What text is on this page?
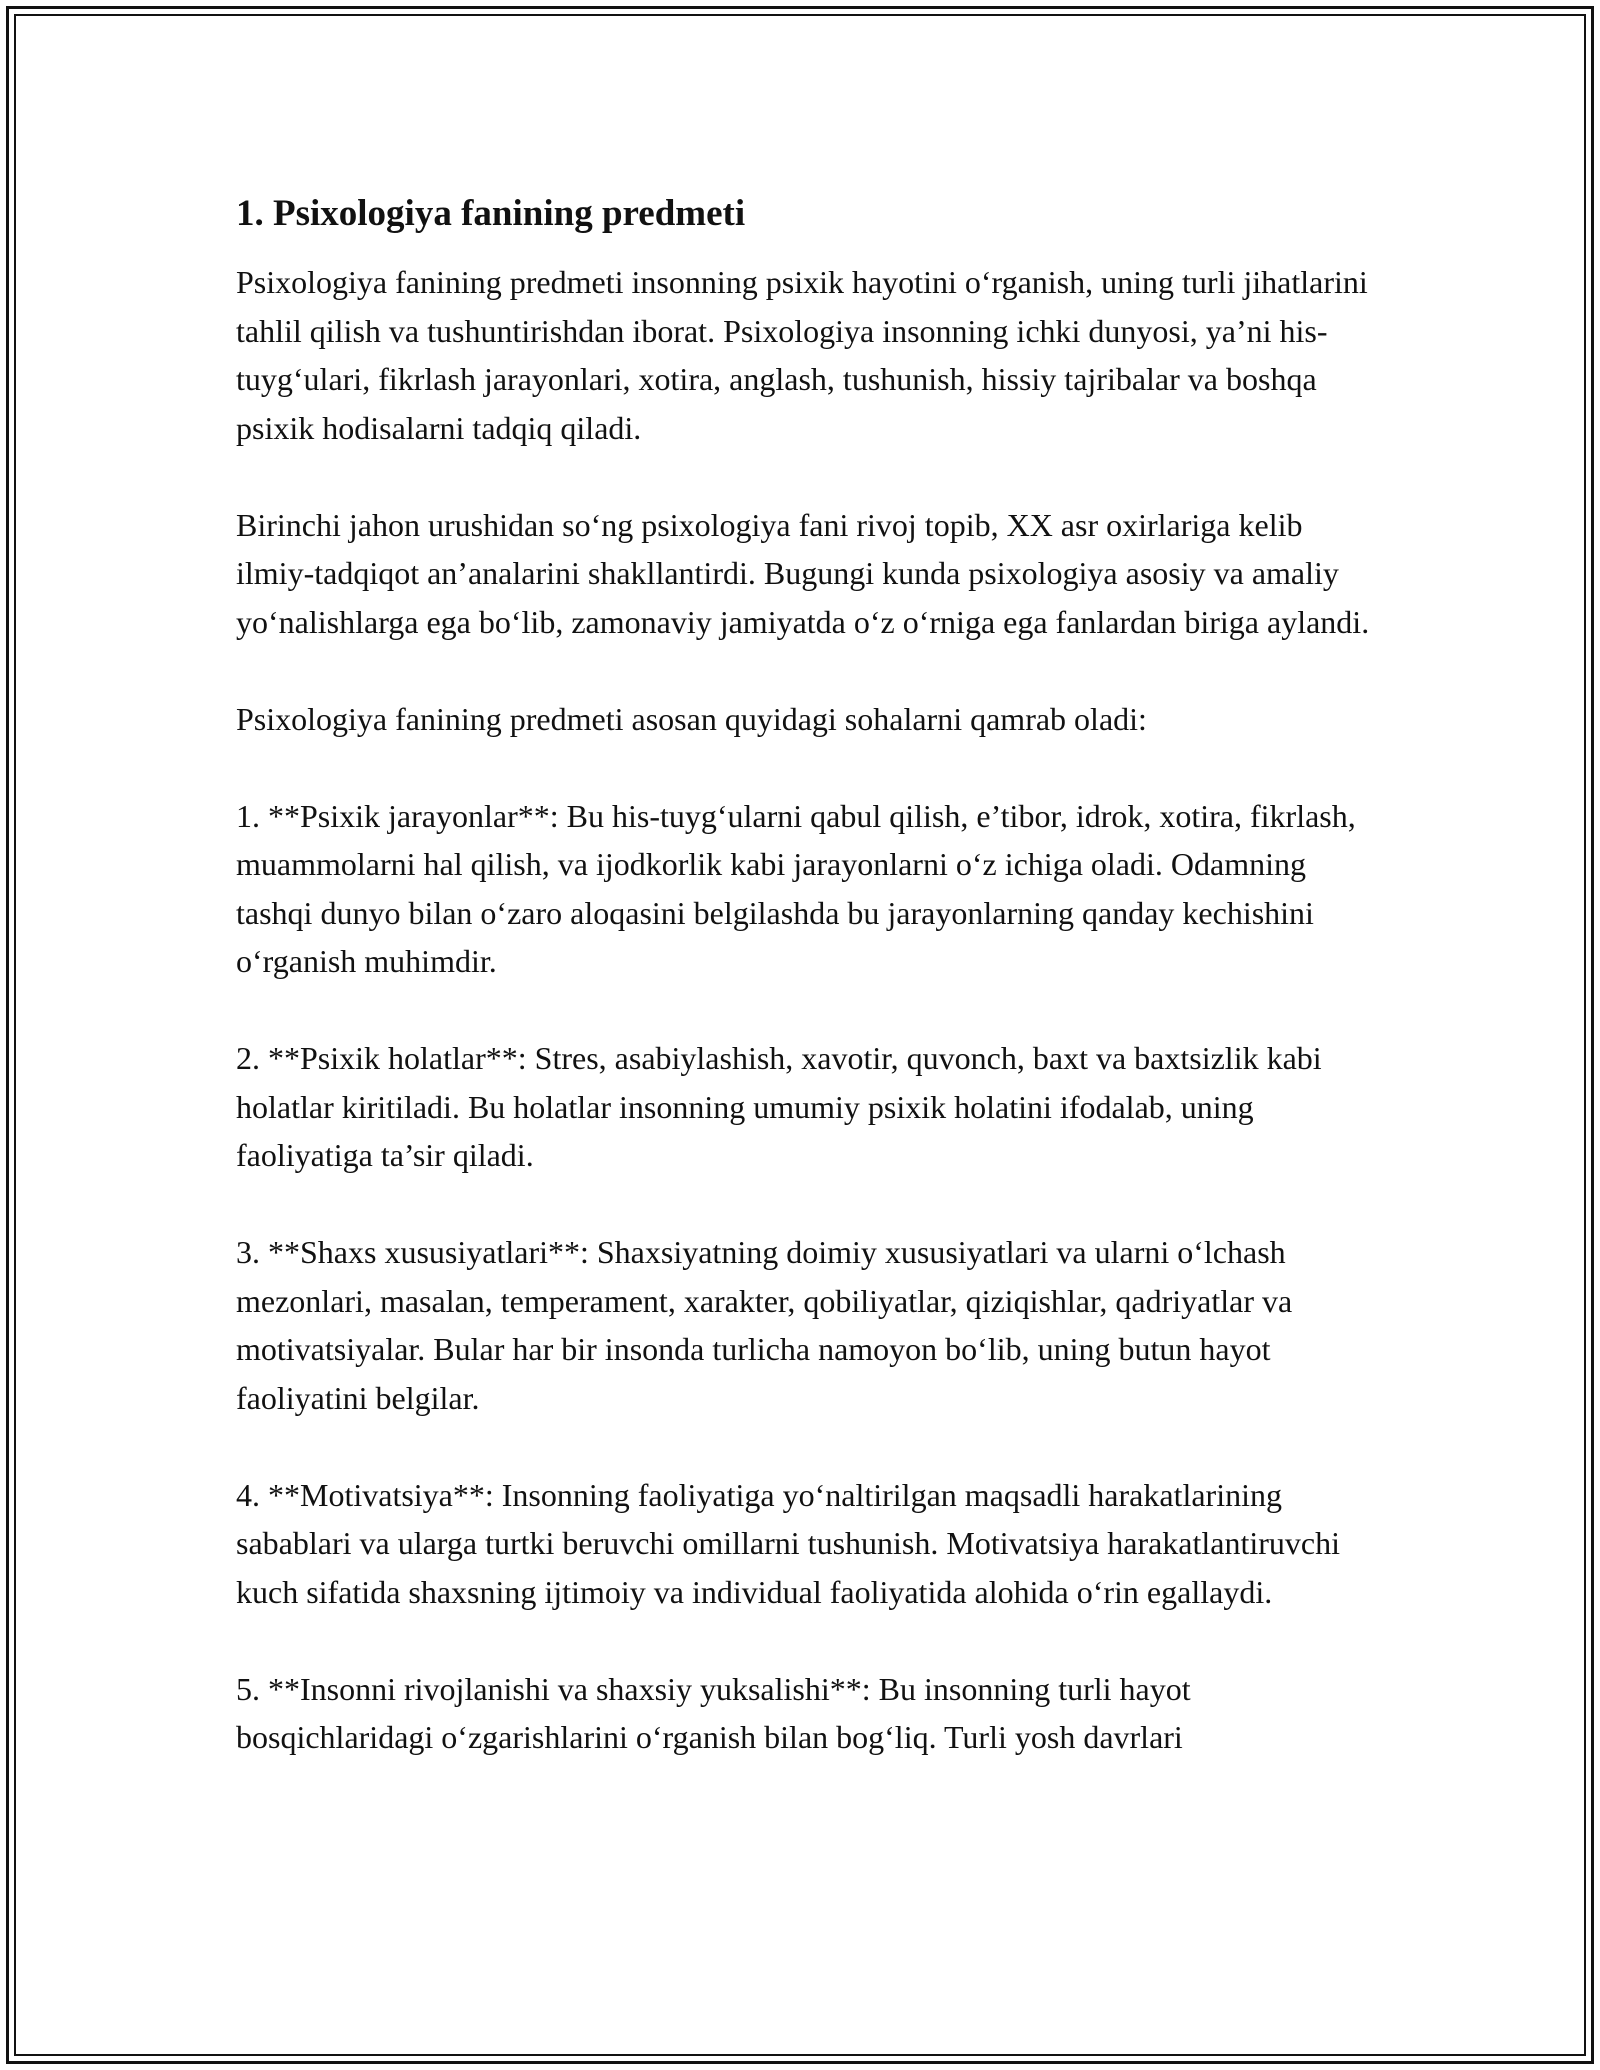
1. Psixologiya fanining predmeti

Psixologiya fanining predmeti insonning psixik hayotini o‘rganish, uning turli jihatlarini tahlil qilish va tushuntirishdan iborat. Psixologiya insonning ichki dunyosi, ya’ni his-tuyg‘ulari, fikrlash jarayonlari, xotira, anglash, tushunish, hissiy tajribalar va boshqa psixik hodisalarni tadqiq qiladi.

Birinchi jahon urushidan so‘ng psixologiya fani rivoj topib, XX asr oxirlariga kelib ilmiy-tadqiqot an’analarini shakllantirdi. Bugungi kunda psixologiya asosiy va amaliy yo‘nalishlarga ega bo‘lib, zamonaviy jamiyatda o‘z o‘rniga ega fanlardan biriga aylandi.

Psixologiya fanining predmeti asosan quyidagi sohalarni qamrab oladi:

1. **Psixik jarayonlar**: Bu his-tuyg‘ularni qabul qilish, e’tibor, idrok, xotira, fikrlash, muammolarni hal qilish, va ijodkorlik kabi jarayonlarni o‘z ichiga oladi. Odamning tashqi dunyo bilan o‘zaro aloqasini belgilashda bu jarayonlarning qanday kechishini o‘rganish muhimdir.

2. **Psixik holatlar**: Stres, asabiylashish, xavotir, quvonch, baxt va baxtsizlik kabi holatlar kiritiladi. Bu holatlar insonning umumiy psixik holatini ifodalab, uning faoliyatiga ta’sir qiladi.

3. **Shaxs xususiyatlari**: Shaxsiyatning doimiy xususiyatlari va ularni o‘lchash mezonlari, masalan, temperament, xarakter, qobiliyatlar, qiziqishlar, qadriyatlar va motivatsiyalar. Bular har bir insonda turlicha namoyon bo‘lib, uning butun hayot faoliyatini belgilar.

4. **Motivatsiya**: Insonning faoliyatiga yo‘naltirilgan maqsadli harakatlarining sabablari va ularga turtki beruvchi omillarni tushunish. Motivatsiya harakatlantiruvchi kuch sifatida shaxsning ijtimoiy va individual faoliyatida alohida o‘rin egallaydi.

5. **Insonni rivojlanishi va shaxsiy yuksalishi**: Bu insonning turli hayot bosqichlaridagi o‘zgarishlarini o‘rganish bilan bog‘liq. Turli yosh davrlari
